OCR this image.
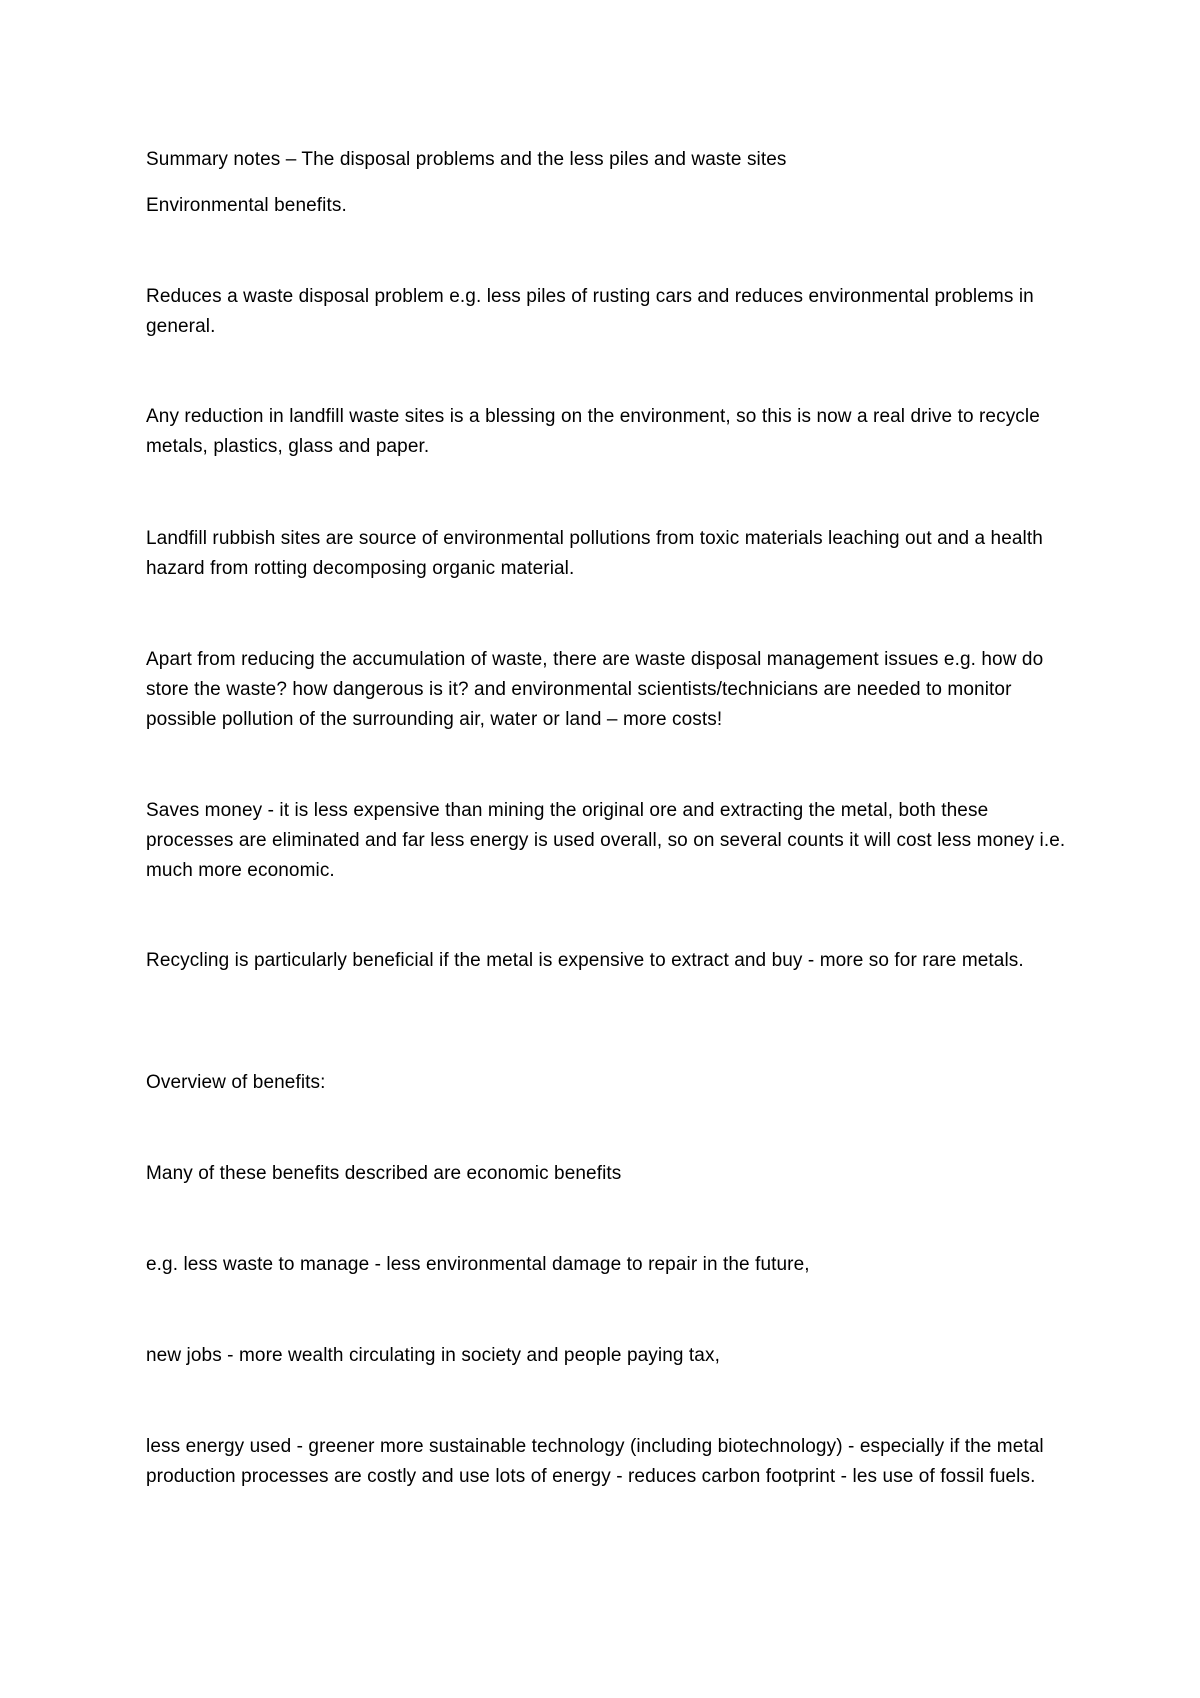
Summary notes – The disposal problems and the less piles and waste sites

Environmental benefits.

Reduces a waste disposal problem e.g. less piles of rusting cars and reduces environmental problems in general.

Any reduction in landfill waste sites is a blessing on the environment, so this is now a real drive to recycle metals, plastics, glass and paper.

Landfill rubbish sites are source of environmental pollutions from toxic materials leaching out and a health hazard from rotting decomposing organic material.

Apart from reducing the accumulation of waste, there are waste disposal management issues e.g. how do store the waste? how dangerous is it? and environmental scientists/technicians are needed to monitor possible pollution of the surrounding air, water or land – more costs!

Saves money - it is less expensive than mining the original ore and extracting the metal, both these processes are eliminated and far less energy is used overall, so on several counts it will cost less money i.e. much more economic.

Recycling is particularly beneficial if the metal is expensive to extract and buy - more so for rare metals.

Overview of benefits:

Many of these benefits described are economic benefits

e.g. less waste to manage - less environmental damage to repair in the future,

new jobs - more wealth circulating in society and people paying tax,

less energy used - greener more sustainable technology (including biotechnology) - especially if the metal production processes are costly and use lots of energy - reduces carbon footprint - les use of fossil fuels.
